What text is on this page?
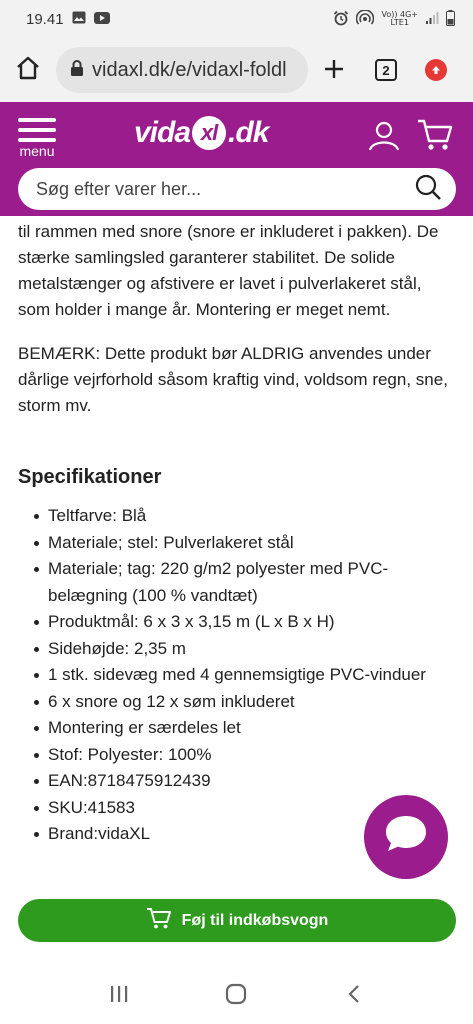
19.41	Vo)) 4G+
LTE1
vidaxl.dk/e/vidaxl-foldl	2
menu
vida xl .dk
Søg efter varer her...

til rammen med snore (snore er inkluderet i pakken). De stærke samlingsled garanterer stabilitet. De solide metalstænger og afstivere er lavet i pulverlakeret stål, som holder i mange år. Montering er meget nemt.

BEMÆRK: Dette produkt bør ALDRIG anvendes under dårlige vejrforhold såsom kraftig vind, voldsom regn, sne, storm mv.

Specifikationer
Teltfarve: Blå
Materiale; stel: Pulverlakeret stål
Materiale; tag: 220 g/m2 polyester med PVC-belægning (100 % vandtæt)
Produktmål: 6 x 3 x 3,15 m (L x B x H)
Sidehøjde: 2,35 m
1 stk. sidevæg med 4 gennemsigtige PVC-vinduer
6 x snore og 12 x søm inkluderet
Montering er særdeles let
Stof: Polyester: 100%
EAN:8718475912439
SKU:41583
Brand:vidaXL
Føj til indkøbsvogn
